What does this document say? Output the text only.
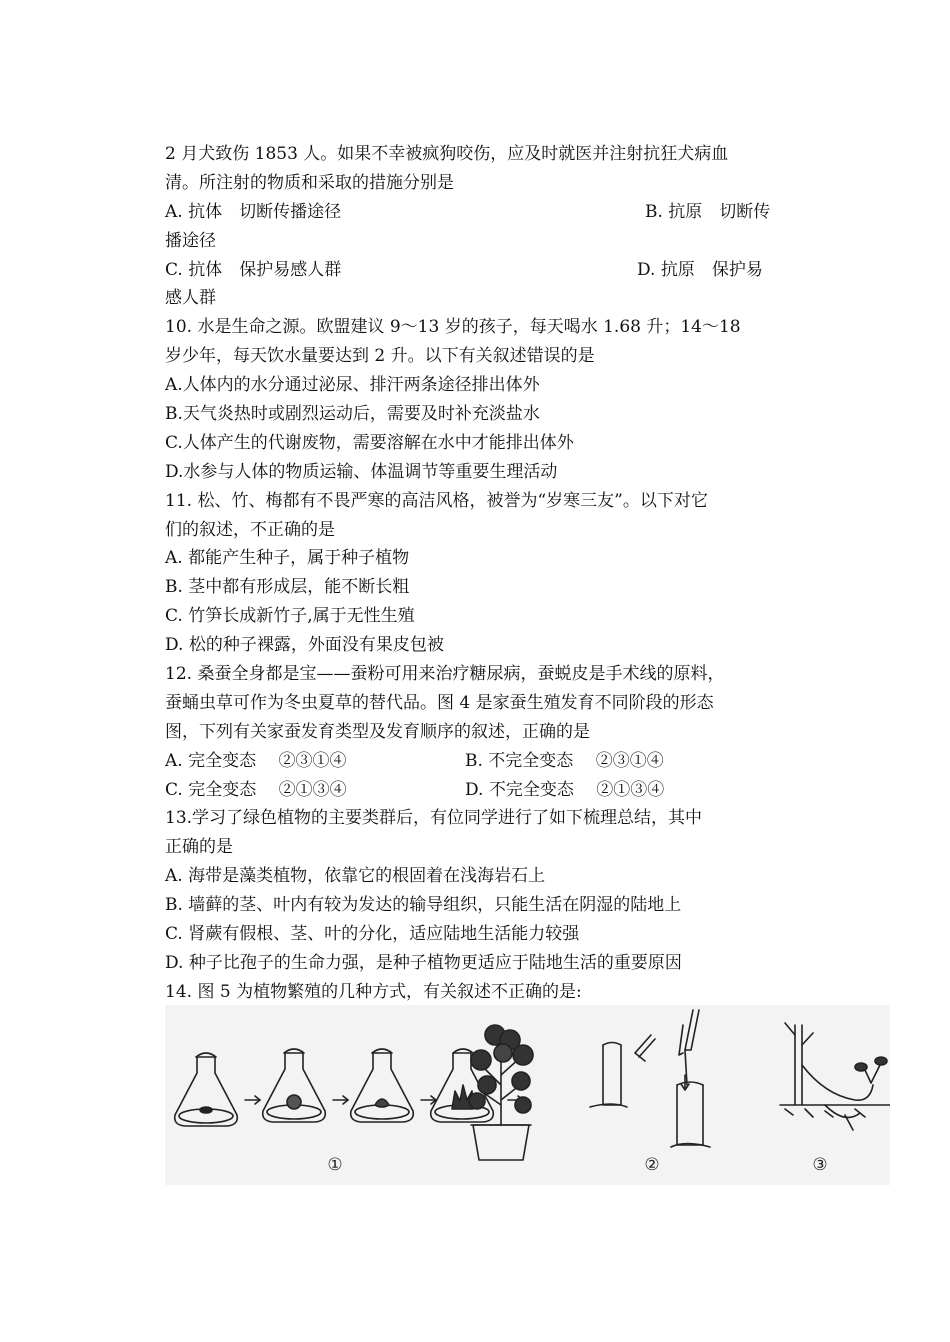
2 月犬致伤 1853 人。如果不幸被疯狗咬伤，应及时就医并注射抗狂犬病血
清。所注射的物质和采取的措施分别是
A. 抗体　切断传播途径	B. 抗原　切断传
播途径
C. 抗体　保护易感人群	D. 抗原　保护易
感人群
10. 水是生命之源。欧盟建议 9～13 岁的孩子，每天喝水 1.68 升；14～18
岁少年，每天饮水量要达到 2 升。以下有关叙述错误的是
A.人体内的水分通过泌尿、排汗两条途径排出体外
B.天气炎热时或剧烈运动后，需要及时补充淡盐水
C.人体产生的代谢废物，需要溶解在水中才能排出体外
D.水参与人体的物质运输、体温调节等重要生理活动
11. 松、竹、梅都有不畏严寒的高洁风格，被誉为“岁寒三友”。以下对它
们的叙述，不正确的是
A. 都能产生种子，属于种子植物
B. 茎中都有形成层，能不断长粗
C. 竹笋长成新竹子,属于无性生殖
D. 松的种子裸露，外面没有果皮包被
12. 桑蚕全身都是宝——蚕粉可用来治疗糖尿病，蚕蜕皮是手术线的原料，
蚕蛹虫草可作为冬虫夏草的替代品。图 4 是家蚕生殖发育不同阶段的形态
图，下列有关家蚕发育类型及发育顺序的叙述，正确的是
A. 完全变态　 ②③①④	B. 不完全变态　 ②③①④
C. 完全变态　 ②①③④	D. 不完全变态　 ②①③④
13.学习了绿色植物的主要类群后，有位同学进行了如下梳理总结，其中
正确的是
A. 海带是藻类植物，依靠它的根固着在浅海岩石上
B. 墙藓的茎、叶内有较为发达的输导组织，只能生活在阴湿的陆地上
C. 肾蕨有假根、茎、叶的分化，适应陆地生活能力较强
D. 种子比孢子的生命力强，是种子植物更适应于陆地生活的重要原因
14. 图 5 为植物繁殖的几种方式，有关叙述不正确的是:
①	②	③
